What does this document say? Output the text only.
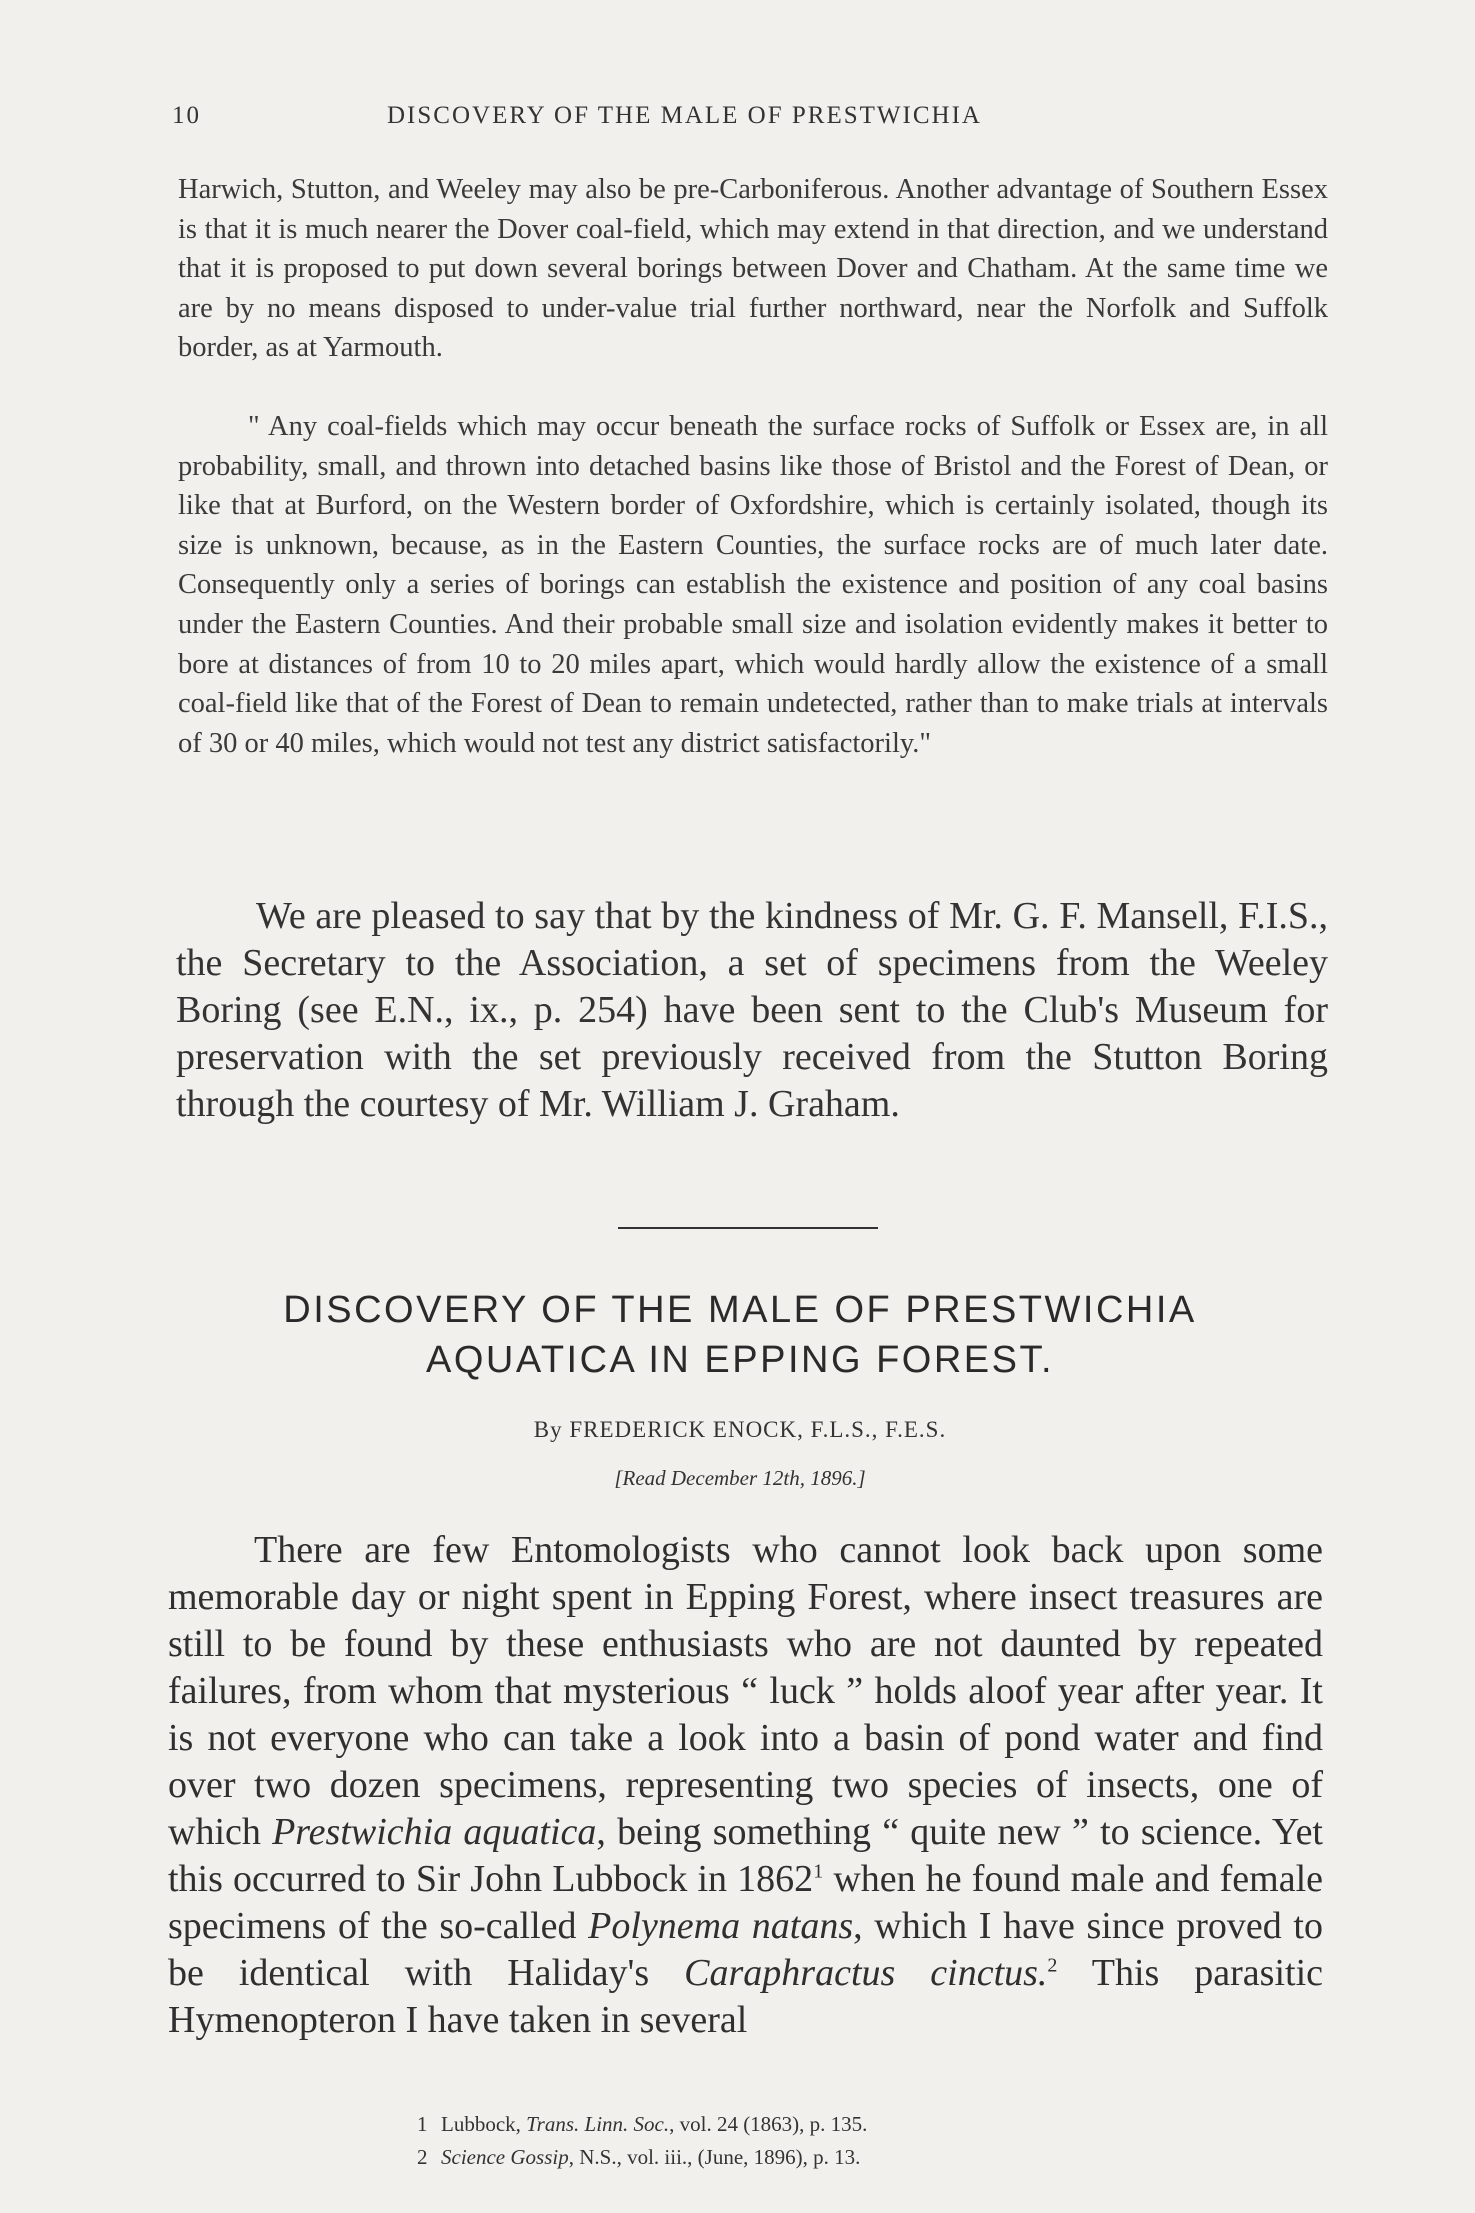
10	DISCOVERY OF THE MALE OF PRESTWICHIA

Harwich, Stutton, and Weeley may also be pre-Carboniferous. Another advantage of Southern Essex is that it is much nearer the Dover coal-field, which may extend in that direction, and we understand that it is proposed to put down several borings between Dover and Chatham. At the same time we are by no means disposed to under-value trial further northward, near the Norfolk and Suffolk border, as at Yarmouth.

" Any coal-fields which may occur beneath the surface rocks of Suffolk or Essex are, in all probability, small, and thrown into detached basins like those of Bristol and the Forest of Dean, or like that at Burford, on the Western border of Oxfordshire, which is certainly isolated, though its size is unknown, because, as in the Eastern Counties, the surface rocks are of much later date. Consequently only a series of borings can establish the existence and position of any coal basins under the Eastern Counties. And their probable small size and isolation evidently makes it better to bore at distances of from 10 to 20 miles apart, which would hardly allow the existence of a small coal-field like that of the Forest of Dean to remain undetected, rather than to make trials at intervals of 30 or 40 miles, which would not test any district satisfactorily."

We are pleased to say that by the kindness of Mr. G. F. Mansell, F.I.S., the Secretary to the Association, a set of specimens from the Weeley Boring (see E.N., ix., p. 254) have been sent to the Club's Museum for preservation with the set previously received from the Stutton Boring through the courtesy of Mr. William J. Graham.

DISCOVERY OF THE MALE OF PRESTWICHIA
AQUATICA IN EPPING FOREST.
By FREDERICK ENOCK, F.L.S., F.E.S.
[Read December 12th, 1896.]

There are few Entomologists who cannot look back upon some memorable day or night spent in Epping Forest, where insect treasures are still to be found by these enthusiasts who are not daunted by repeated failures, from whom that mysterious “ luck ” holds aloof year after year. It is not everyone who can take a look into a basin of pond water and find over two dozen specimens, representing two species of insects, one of which Prestwichia aquatica, being something “ quite new ” to science. Yet this occurred to Sir John Lubbock in 1862$^1$ when he found male and female specimens of the so-called Polynema natans, which I have since proved to be identical with Haliday's Caraphractus cinctus.$^2$ This parasitic Hymenopteron I have taken in several

1 Lubbock, Trans. Linn. Soc., vol. 24 (1863), p. 135.
2 Science Gossip, N.S., vol. iii., (June, 1896), p. 13.
